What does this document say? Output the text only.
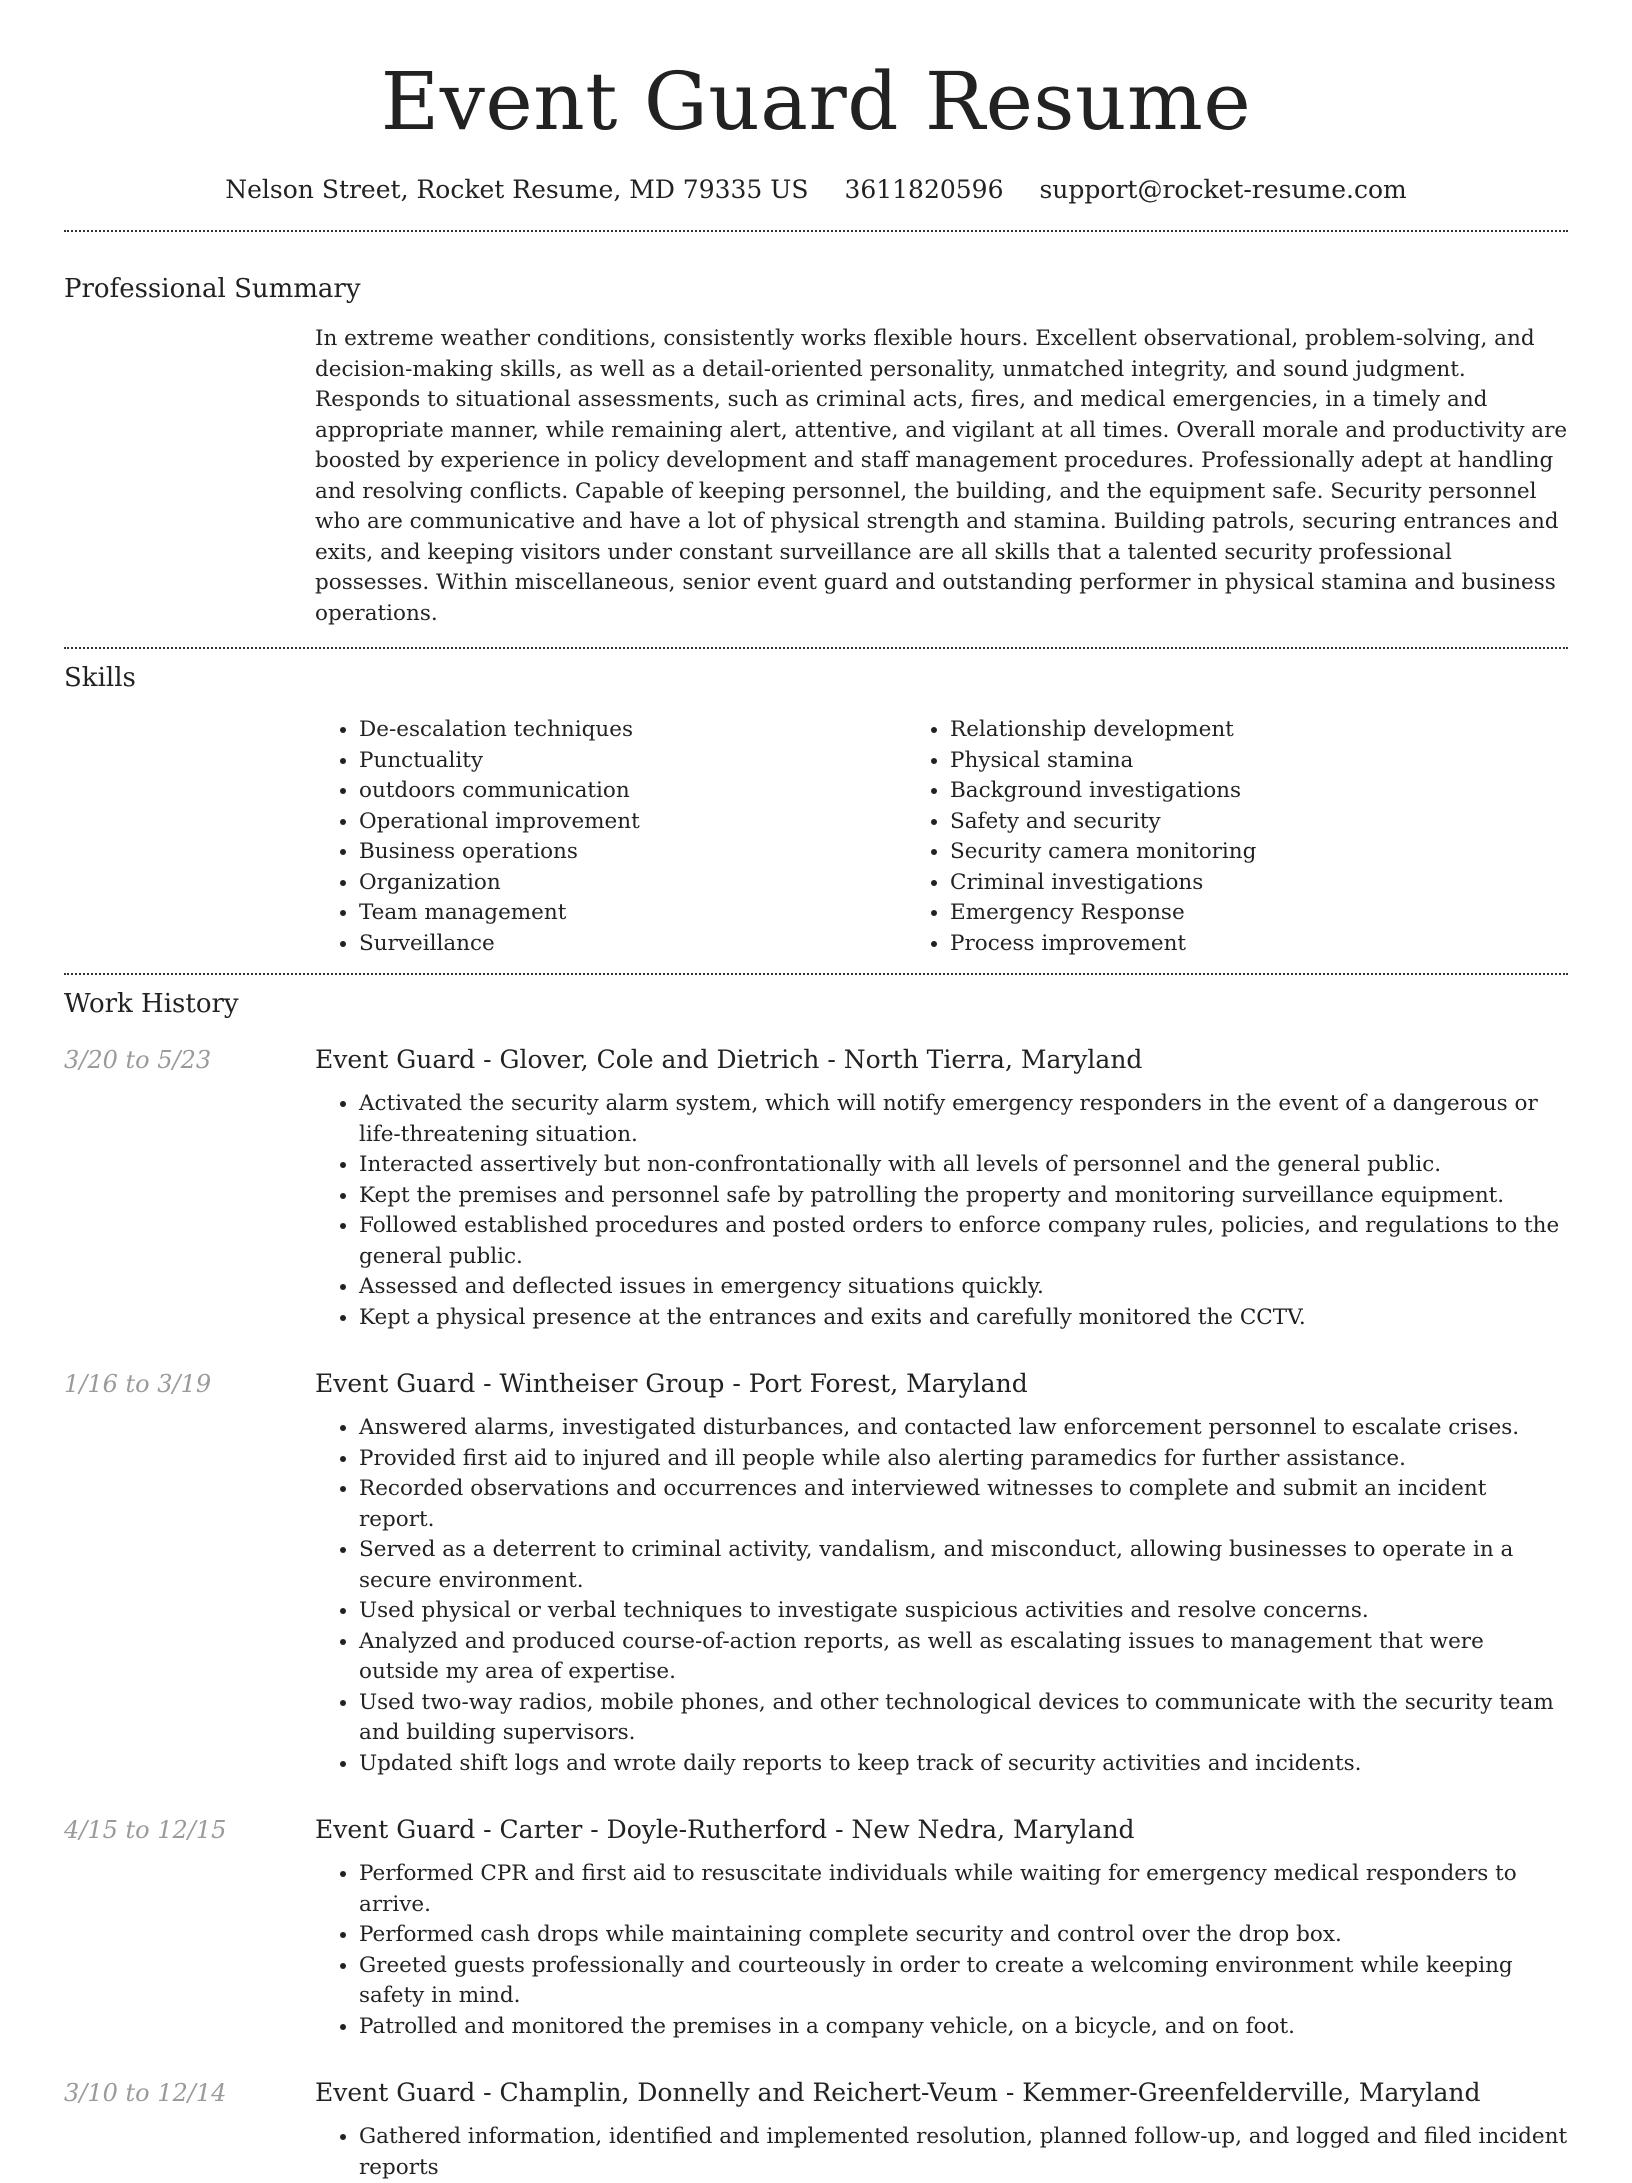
Event Guard Resume
Nelson Street, Rocket Resume, MD 79335 US 3611820596 support@rocket-resume.com
Professional Summary
In extreme weather conditions, consistently works flexible hours. Excellent observational, problem-solving, and decision-making skills, as well as a detail-oriented personality, unmatched integrity, and sound judgment. Responds to situational assessments, such as criminal acts, fires, and medical emergencies, in a timely and appropriate manner, while remaining alert, attentive, and vigilant at all times. Overall morale and productivity are boosted by experience in policy development and staff management procedures. Professionally adept at handling and resolving conflicts. Capable of keeping personnel, the building, and the equipment safe. Security personnel who are communicative and have a lot of physical strength and stamina. Building patrols, securing entrances and exits, and keeping visitors under constant surveillance are all skills that a talented security professional possesses. Within miscellaneous, senior event guard and outstanding performer in physical stamina and business operations.
Skills
• De-escalation techniques
• Punctuality
• outdoors communication
• Operational improvement
• Business operations
• Organization
• Team management
• Surveillance
• Relationship development
• Physical stamina
• Background investigations
• Safety and security
• Security camera monitoring
• Criminal investigations
• Emergency Response
• Process improvement
Work History
3/20 to 5/23	Event Guard - Glover, Cole and Dietrich - North Tierra, Maryland
• Activated the security alarm system, which will notify emergency responders in the event of a dangerous or life-threatening situation.
• Interacted assertively but non-confrontationally with all levels of personnel and the general public.
• Kept the premises and personnel safe by patrolling the property and monitoring surveillance equipment.
• Followed established procedures and posted orders to enforce company rules, policies, and regulations to the general public.
• Assessed and deflected issues in emergency situations quickly.
• Kept a physical presence at the entrances and exits and carefully monitored the CCTV.
1/16 to 3/19	Event Guard - Wintheiser Group - Port Forest, Maryland
• Answered alarms, investigated disturbances, and contacted law enforcement personnel to escalate crises.
• Provided first aid to injured and ill people while also alerting paramedics for further assistance.
• Recorded observations and occurrences and interviewed witnesses to complete and submit an incident report.
• Served as a deterrent to criminal activity, vandalism, and misconduct, allowing businesses to operate in a secure environment.
• Used physical or verbal techniques to investigate suspicious activities and resolve concerns.
• Analyzed and produced course-of-action reports, as well as escalating issues to management that were outside my area of expertise.
• Used two-way radios, mobile phones, and other technological devices to communicate with the security team and building supervisors.
• Updated shift logs and wrote daily reports to keep track of security activities and incidents.
4/15 to 12/15	Event Guard - Carter - Doyle-Rutherford - New Nedra, Maryland
• Performed CPR and first aid to resuscitate individuals while waiting for emergency medical responders to arrive.
• Performed cash drops while maintaining complete security and control over the drop box.
• Greeted guests professionally and courteously in order to create a welcoming environment while keeping safety in mind.
• Patrolled and monitored the premises in a company vehicle, on a bicycle, and on foot.
3/10 to 12/14	Event Guard - Champlin, Donnelly and Reichert-Veum - Kemmer-Greenfelderville, Maryland
• Gathered information, identified and implemented resolution, planned follow-up, and logged and filed incident reports
